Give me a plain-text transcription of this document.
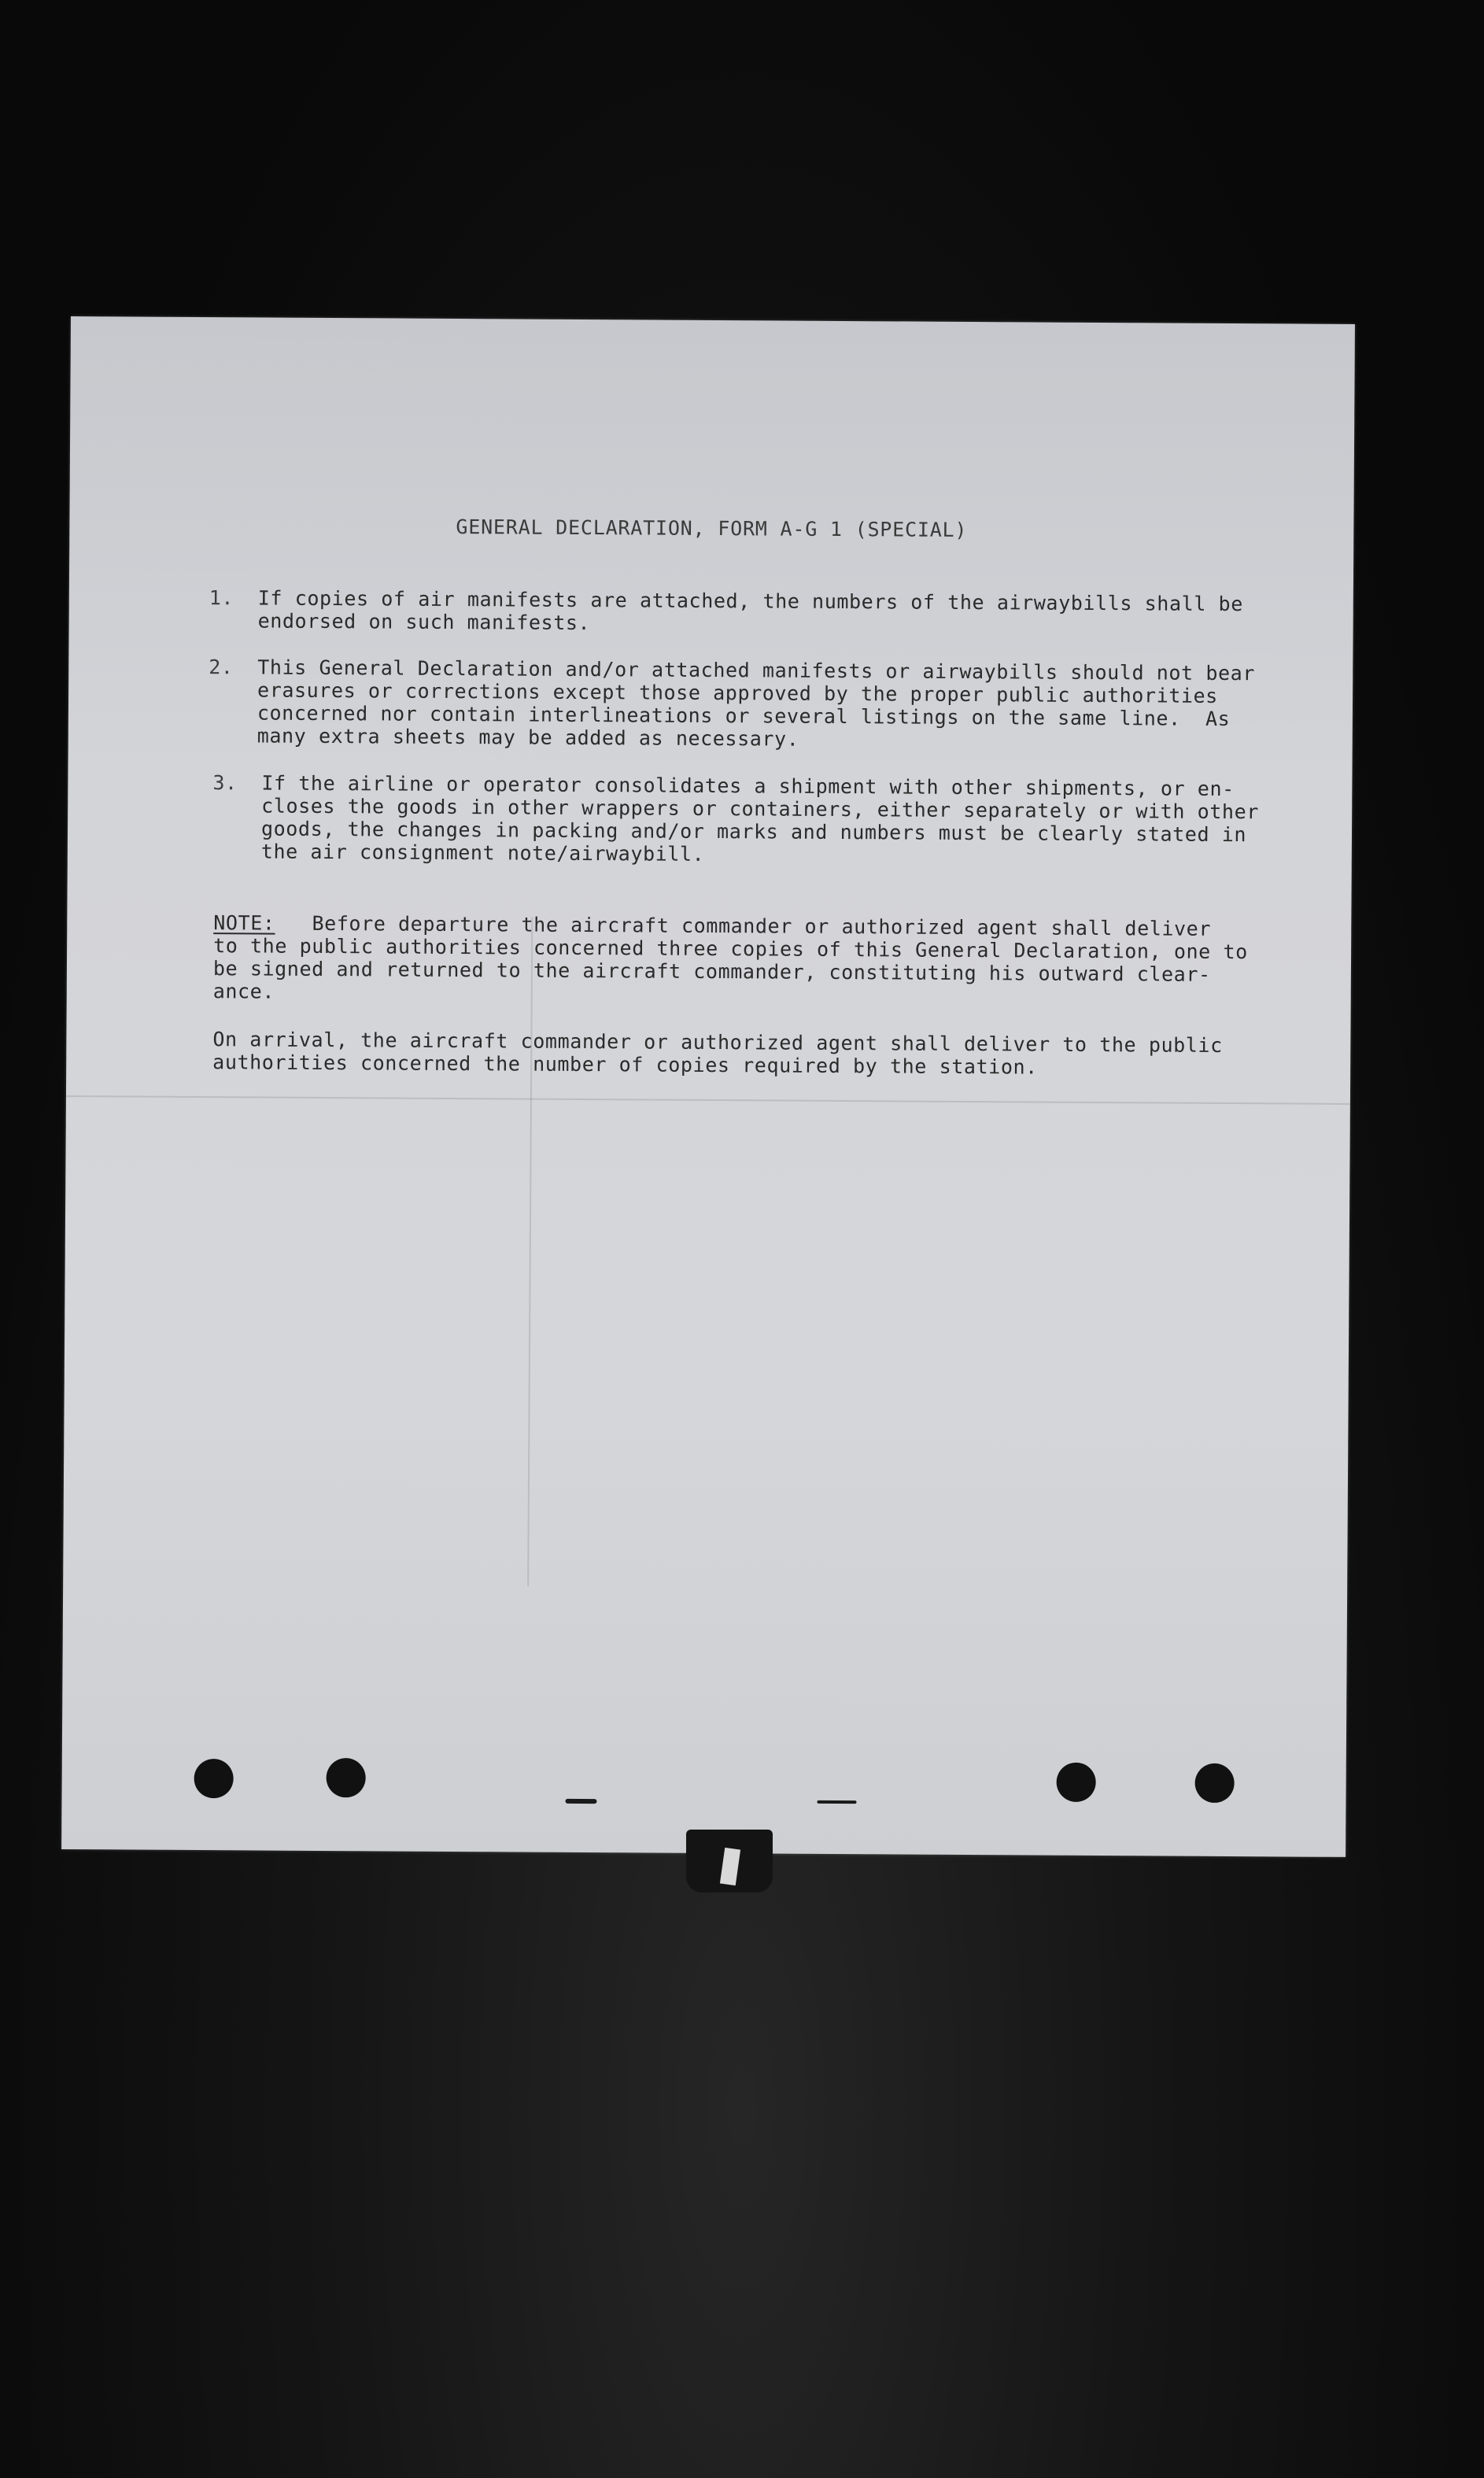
GENERAL DECLARATION, FORM A-G 1 (SPECIAL)
1. If copies of air manifests are attached, the numbers of the airwaybills shall be
endorsed on such manifests.
2. This General Declaration and/or attached manifests or airwaybills should not bear
erasures or corrections except those approved by the proper public authorities
concerned nor contain interlineations or several listings on the same line.  As
many extra sheets may be added as necessary.
3. If the airline or operator consolidates a shipment with other shipments, or en-
closes the goods in other wrappers or containers, either separately or with other
goods, the changes in packing and/or marks and numbers must be clearly stated in
the air consignment note/airwaybill.
NOTE:   Before departure the aircraft commander or authorized agent shall deliver
to the public authorities concerned three copies of this General Declaration, one to
be signed and returned to the aircraft commander, constituting his outward clear-
ance.
On arrival, the aircraft commander or authorized agent shall deliver to the public
authorities concerned the number of copies required by the station.
